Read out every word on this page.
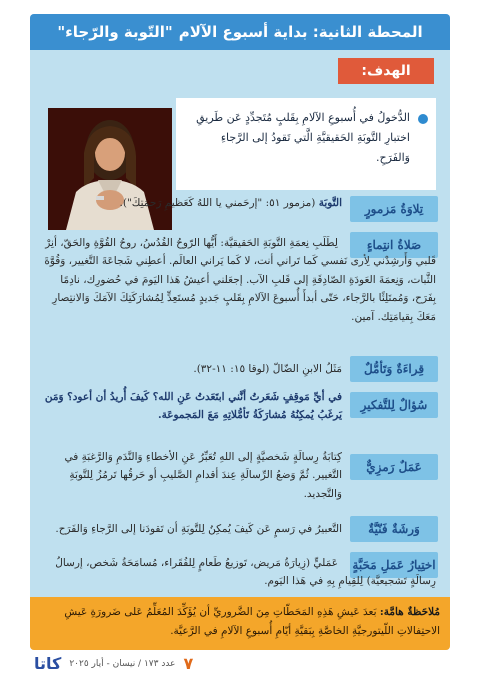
المحطة الثانية: بداية أسبوع الآلام
"التّوبة والرّجاء"
الهدف:
الدُّخولُ في أُسبوعِ الآلامِ بِقَلبٍ مُتَجدِّدٍ عَن طَريقِ اختبارِ التَّوبَةِ الحَقيقيَّةِ الَّتي تَقودُ إلى الرَّجاءِ وَالفَرَحِ.
تِلاوَةُ مَزمورٍ
التَّوبَة (مزمور ٥١: "إرحَمني يا اللهُ كَعَظيمِ رَحمَتِكَ").
صَلاةُ انتِماءٍ
لِطَلَبِ نِعمَةِ التَّوبَةِ الحَقيقيَّة: أَيُّها الرّوحُ القُدُسُ، روحُ القُوَّةِ والحَقّ، أنِرْ قَلبي وَأَرشِدْني لِأرى نَفسي كَما تَراني أنت، لا كَما يَراني العالَم. أعطِني شَجاعَةَ التَّغيير، وَقُوَّةَ الثَّبات، وَنِعمَةَ العَودَةِ الصّادِقَةِ إلى قَلبِ الآب. إجعَلني أعيشُ هَذا اليَومَ في حُضورِك، نادِمًا بِفَرَح، وَمُمتَلِئًا بالرَّجاء، حَتّى أبدأَ أُسبوعَ الآلامِ بِقَلبٍ جَديدٍ مُستَعِدٍّ لِمُشارَكَتِكَ الآمَكَ وَالانتِصارِ مَعَكَ بِقيامَتِك. آمين.
قِراءَةٌ وَتَأمُّلٌ
مَثَلُ الابنِ الضّالّ (لوقا ١٥: ١١-٣٢).
سُؤالٌ لِلتَّفكيرِ
في أيِّ مَوقِفٍ شَعَرتُ أنَّني ابتَعَدتُ عَنِ الله؟ كَيفَ أُريدُ أن أعود؟ وَمَن يَرغَبُ يُمكِنُهُ مُشارَكَةُ تَأمُّلاتِهِ مَعَ المَجموعَة.
عَمَلٌ رَمزِيٌّ
كِتابَةُ رِسالَةٍ شَخصيَّةٍ إلى اللهِ تُعَبِّرُ عَنِ الأخطاءِ وَالنَّدَمِ وَالرَّغبَةِ في التَّغيير. ثُمَّ وَضعُ الرِّسالَةِ عِندَ أقدامِ الصَّليبِ أو حَرقُها تَرمُزُ لِلتَّوبَةِ وَالتَّجديد.
وَرشَةٌ فَنّيَّةٌ
التَّعبيرُ في رَسمٍ عَن كَيفَ يُمكِنُ لِلتَّوبَةِ أن تَقودَنا إلى الرَّجاءِ وَالفَرَح.
اختِيارُ عَمَلِ مَحَبَّةٍ
عَمَليٍّ (زِيارَةُ مَريض، تَوزيعُ طَعامٍ لِلفُقَراء، مُسامَحَةُ شَخص، إرسالُ رِسالَةٍ تَشجيعيَّة) لِلقِيامِ بِهِ في هَذا اليَوم.
مُلاحَظةٌ هامَّة: بَعدَ عَيشِ هَذِهِ المَحَطّاتِ مِنَ الضَّروريِّ أن يُؤَكِّدَ المُعَلِّمُ عَلى ضَرورَةِ عَيشِ الاحتِفالاتِ اللّيتورجيَّةِ الخاصَّةِ بِبَقيَّةِ أيّامِ أُسبوعِ الآلامِ في الرَّعيَّة.
٧
عدد ١٧٣ / نيسان - أيار ٢٠٢٥
كاتا
